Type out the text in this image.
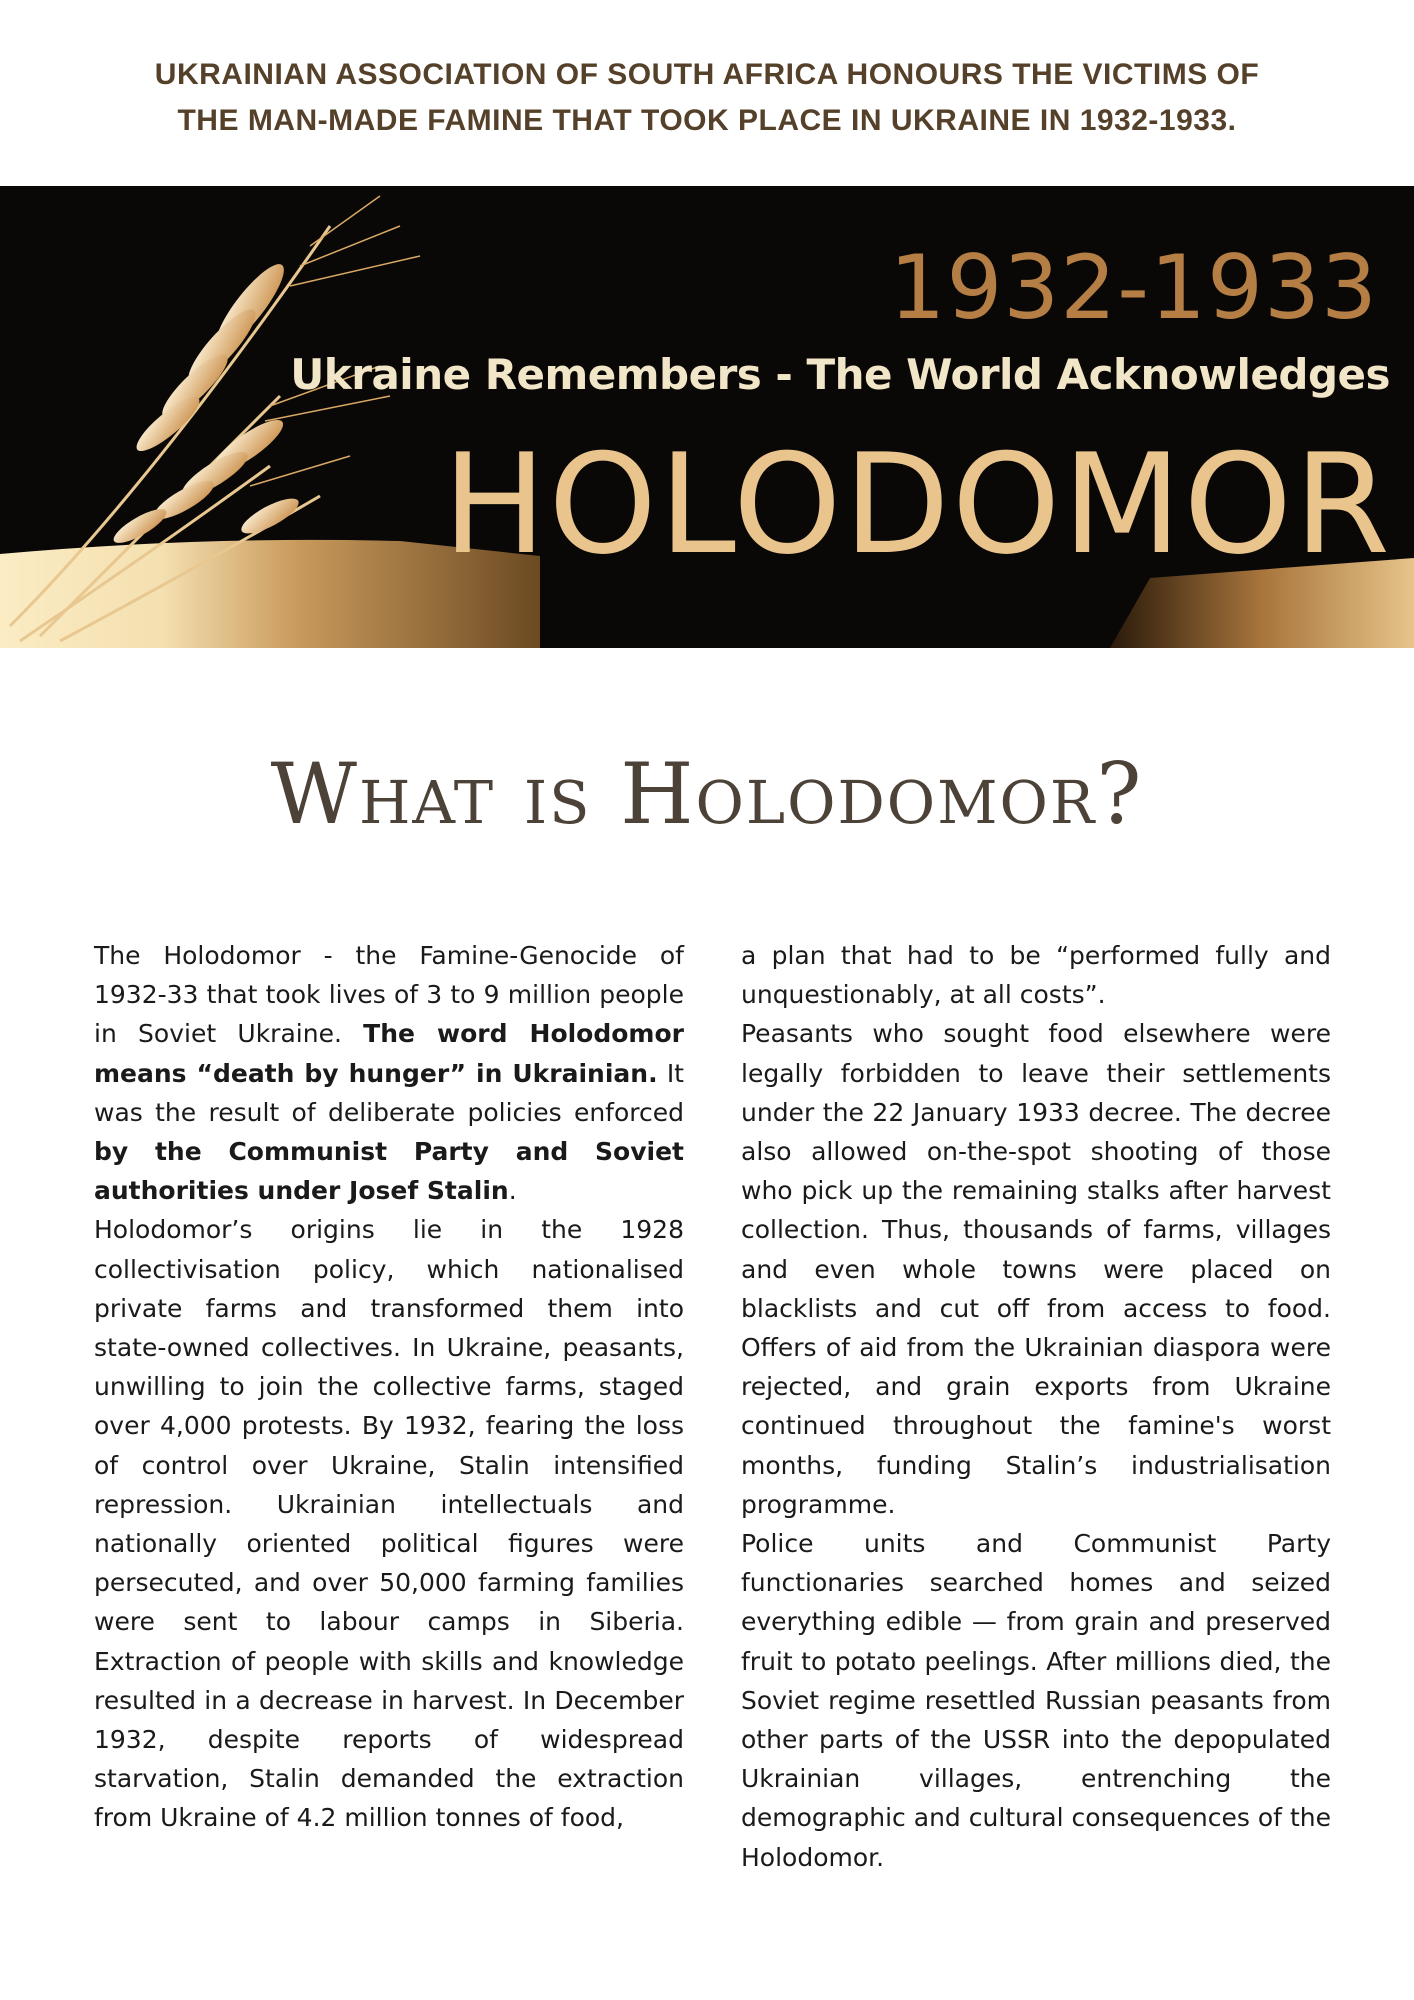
UKRAINIAN ASSOCIATION OF SOUTH AFRICA HONOURS THE VICTIMS OF
THE MAN-MADE FAMINE THAT TOOK PLACE IN UKRAINE IN 1932-1933.
1932-1933
Ukraine Remembers - The World Acknowledges
HOLODOMOR
What is Holodomor?

The Holodomor - the Famine-Genocide of 1932-33 that took lives of 3 to 9 million people in Soviet Ukraine. The word Holodomor means “death by hunger” in Ukrainian. It was the result of deliberate policies enforced by the Communist Party and Soviet authorities under Josef Stalin.

Holodomor’s origins lie in the 1928 collectivisation policy, which nationalised private farms and transformed them into state-owned collectives. In Ukraine, peasants, unwilling to join the collective farms, staged over 4,000 protests. By 1932, fearing the loss of control over Ukraine, Stalin intensified repression. Ukrainian intellectuals and nationally oriented political figures were persecuted, and over 50,000 farming families were sent to labour camps in Siberia. Extraction of people with skills and knowledge resulted in a decrease in harvest. In December 1932, despite reports of widespread starvation, Stalin demanded the extraction from Ukraine of 4.2 million tonnes of food,

a plan that had to be “performed fully and unquestionably, at all costs”.

Peasants who sought food elsewhere were legally forbidden to leave their settlements under the 22 January 1933 decree. The decree also allowed on-the-spot shooting of those who pick up the remaining stalks after harvest collection. Thus, thousands of farms, villages and even whole towns were placed on blacklists and cut off from access to food. Offers of aid from the Ukrainian diaspora were rejected, and grain exports from Ukraine continued throughout the famine's worst months, funding Stalin’s industrialisation programme.

Police units and Communist Party functionaries searched homes and seized everything edible — from grain and preserved fruit to potato peelings. After millions died, the Soviet regime resettled Russian peasants from other parts of the USSR into the depopulated Ukrainian villages, entrenching the demographic and cultural consequences of the Holodomor.
